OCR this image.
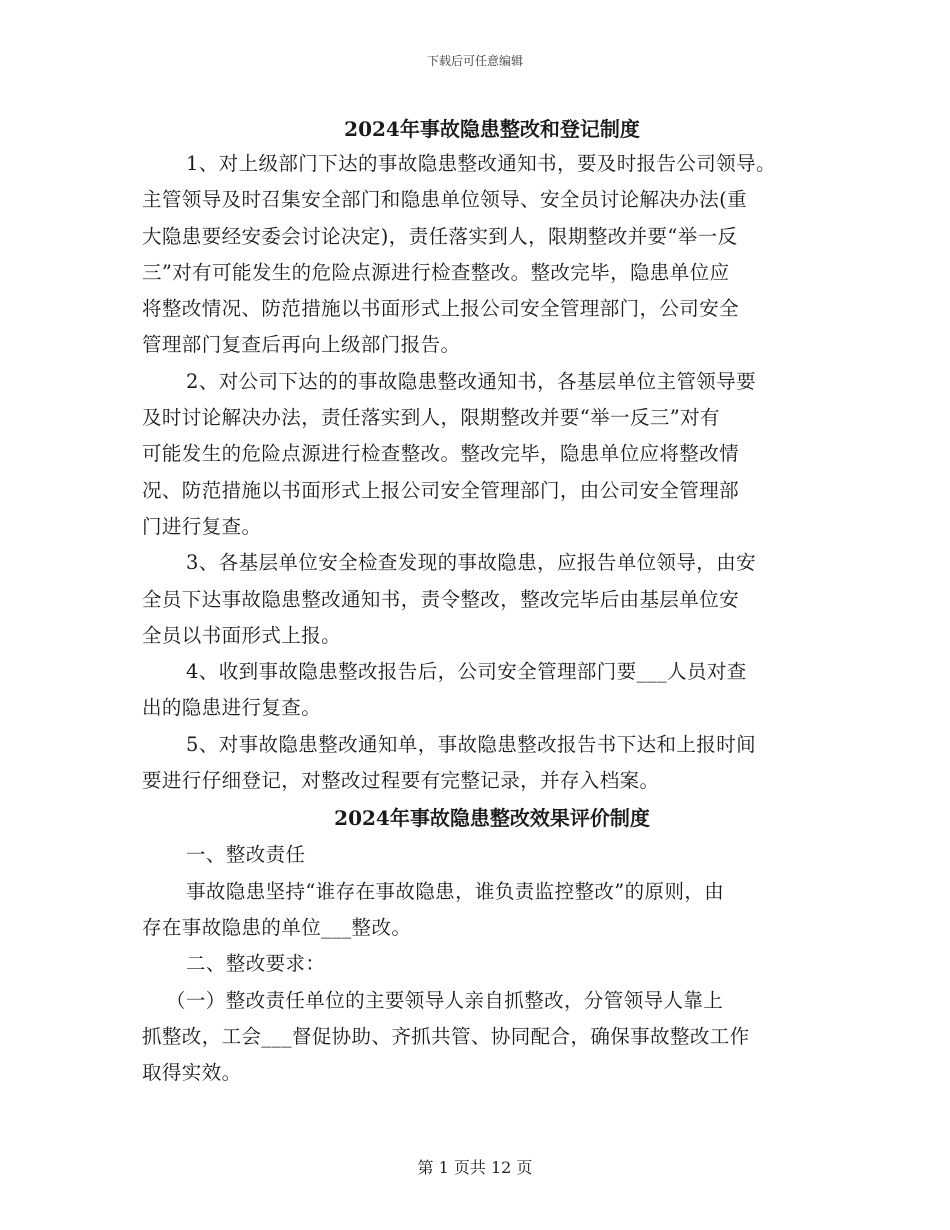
下载后可任意编辑
2024年事故隐患整改和登记制度
1、对上级部门下达的事故隐患整改通知书，要及时报告公司领导。
主管领导及时召集安全部门和隐患单位领导、安全员讨论解决办法(重
大隐患要经安委会讨论决定)，责任落实到人，限期整改并要“举一反
三”对有可能发生的危险点源进行检查整改。整改完毕，隐患单位应
将整改情况、防范措施以书面形式上报公司安全管理部门，公司安全
管理部门复查后再向上级部门报告。
2、对公司下达的的事故隐患整改通知书，各基层单位主管领导要
及时讨论解决办法，责任落实到人，限期整改并要“举一反三”对有
可能发生的危险点源进行检查整改。整改完毕，隐患单位应将整改情
况、防范措施以书面形式上报公司安全管理部门，由公司安全管理部
门进行复查。
3、各基层单位安全检查发现的事故隐患，应报告单位领导，由安
全员下达事故隐患整改通知书，责令整改，整改完毕后由基层单位安
全员以书面形式上报。
4、收到事故隐患整改报告后，公司安全管理部门要___人员对查
出的隐患进行复查。
5、对事故隐患整改通知单，事故隐患整改报告书下达和上报时间
要进行仔细登记，对整改过程要有完整记录，并存入档案。
2024年事故隐患整改效果评价制度
一、整改责任
事故隐患坚持“谁存在事故隐患，谁负责监控整改”的原则，由
存在事故隐患的单位___整改。
二、整改要求：
（一）整改责任单位的主要领导人亲自抓整改，分管领导人靠上
抓整改，工会___督促协助、齐抓共管、协同配合，确保事故整改工作
取得实效。
第 1 页共 12 页
